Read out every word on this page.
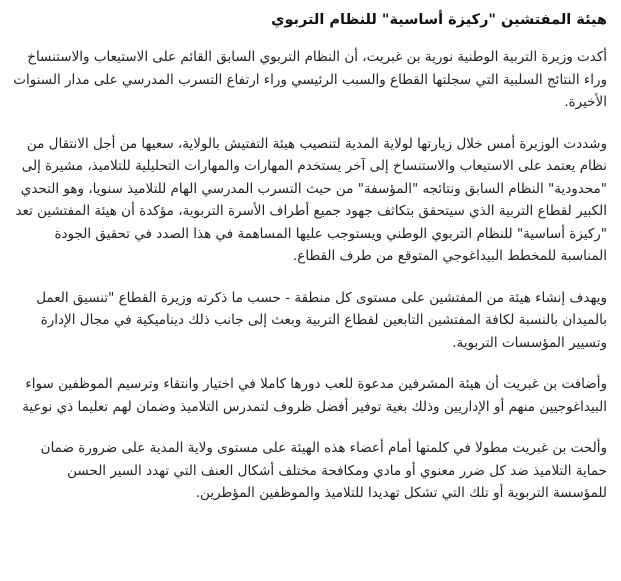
هيئة المفتشين "ركيزة أساسية" للنظام التربوي

أكدت وزيرة التربية الوطنية نورية بن غبريت، أن النظام التربوي السابق القائم على الاستيعاب والاستنساخ وراء النتائج السلبية التي سجلتها القطاع والسبب الرئيسي وراء ارتفاع التسرب المدرسي على مدار السنوات الأخيرة.

وشددت الوزيرة أمس خلال زيارتها لولاية المدية لتنصيب هيئة التفتيش بالولاية، سعيها من أجل الانتقال من نظام يعتمد على الاستيعاب والاستنساخ إلى آخر يستخدم المهارات والمهارات التحليلية للتلاميذ، مشيرة إلى "محدودية" النظام السابق ونتائجه "المؤسفة" من حيث التسرب المدرسي الهام للتلاميذ سنويا، وهو التحدي الكبير لقطاع التربية الذي سيتحقق بتكاثف جهود جميع أطراف الأسرة التربوية، مؤكدة أن هيئة المفتشين تعد "ركيزة أساسية" للنظام التربوي الوطني ويستوجب عليها المساهمة في هذا الصدد في تحقيق الجودة المناسبة للمخطط البيداغوجي المتوقع من طرف القطاع.

ويهدف إنشاء هيئة من المفتشين على مستوى كل منطقة - حسب ما ذكرته وزيرة القطاع "تنسيق العمل بالميدان بالنسبة لكافة المفتشين التابعين لقطاع التربية وبعث إلى جانب ذلك ديناميكية في مجال الإدارة وتسيير المؤسسات التربوية.

وأضافت بن غبريت أن هيئة المشرفين مدعوة للعب دورها كاملا في اختيار وانتقاء وترسيم الموظفين سواء البيداغوجيين منهم أو الإداريين وذلك بغية توفير أفضل ظروف لتمدرس التلاميذ وضمان لهم تعليما ذي نوعية

وألحت بن غبريت مطولا في كلمتها أمام أعضاء هذه الهيئة على مستوى ولاية المدية على ضرورة ضمان حماية التلاميذ ضد كل ضرر معنوي أو مادي ومكافحة مختلف أشكال العنف التي تهدد السير الحسن للمؤسسة التربوية أو تلك التي تشكل تهديدا للتلاميذ والموظفين المؤطرين.
